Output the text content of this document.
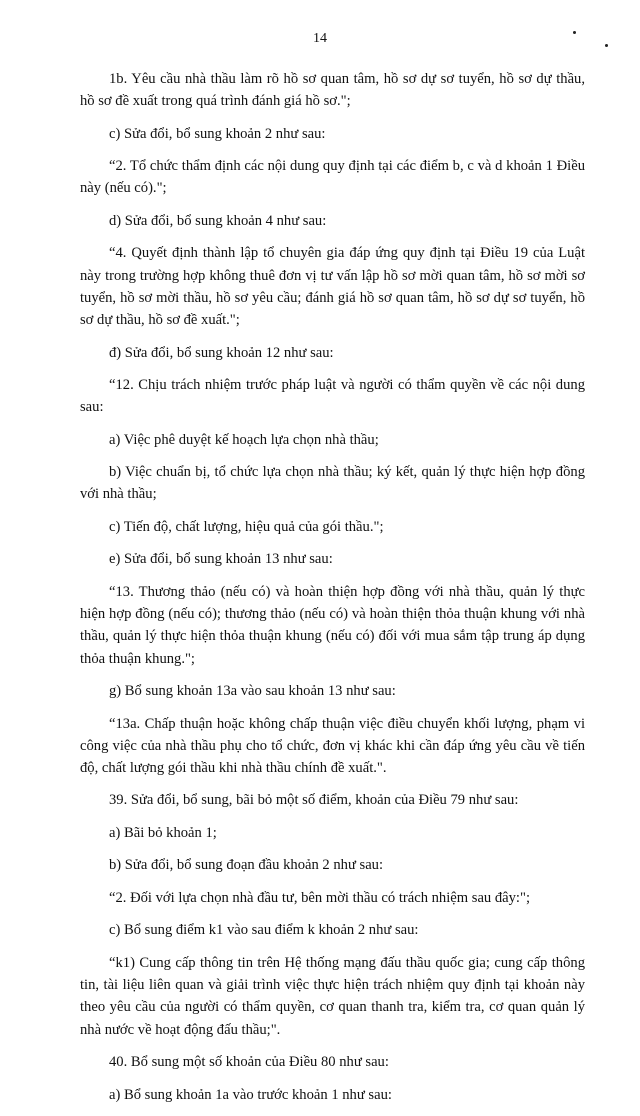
14

1b. Yêu cầu nhà thầu làm rõ hồ sơ quan tâm, hồ sơ dự sơ tuyển, hồ sơ dự thầu, hồ sơ đề xuất trong quá trình đánh giá hồ sơ.";

c) Sửa đổi, bổ sung khoản 2 như sau:

“2. Tổ chức thẩm định các nội dung quy định tại các điểm b, c và d khoản 1 Điều này (nếu có).";

d) Sửa đổi, bổ sung khoản 4 như sau:

“4. Quyết định thành lập tổ chuyên gia đáp ứng quy định tại Điều 19 của Luật này trong trường hợp không thuê đơn vị tư vấn lập hồ sơ mời quan tâm, hồ sơ mời sơ tuyển, hồ sơ mời thầu, hồ sơ yêu cầu; đánh giá hồ sơ quan tâm, hồ sơ dự sơ tuyển, hồ sơ dự thầu, hồ sơ đề xuất.";

đ) Sửa đổi, bổ sung khoản 12 như sau:

“12. Chịu trách nhiệm trước pháp luật và người có thẩm quyền về các nội dung sau:

a) Việc phê duyệt kế hoạch lựa chọn nhà thầu;

b) Việc chuẩn bị, tổ chức lựa chọn nhà thầu; ký kết, quản lý thực hiện hợp đồng với nhà thầu;

c) Tiến độ, chất lượng, hiệu quả của gói thầu.";

e) Sửa đổi, bổ sung khoản 13 như sau:

“13. Thương thảo (nếu có) và hoàn thiện hợp đồng với nhà thầu, quản lý thực hiện hợp đồng (nếu có); thương thảo (nếu có) và hoàn thiện thỏa thuận khung với nhà thầu, quản lý thực hiện thỏa thuận khung (nếu có) đối với mua sắm tập trung áp dụng thỏa thuận khung.";

g) Bổ sung khoản 13a vào sau khoản 13 như sau:

“13a. Chấp thuận hoặc không chấp thuận việc điều chuyển khối lượng, phạm vi công việc của nhà thầu phụ cho tổ chức, đơn vị khác khi cần đáp ứng yêu cầu về tiến độ, chất lượng gói thầu khi nhà thầu chính đề xuất.".

39. Sửa đổi, bổ sung, bãi bỏ một số điểm, khoản của Điều 79 như sau:

a) Bãi bỏ khoản 1;

b) Sửa đổi, bổ sung đoạn đầu khoản 2 như sau:

“2. Đối với lựa chọn nhà đầu tư, bên mời thầu có trách nhiệm sau đây:";

c) Bổ sung điểm k1 vào sau điểm k khoản 2 như sau:

“k1) Cung cấp thông tin trên Hệ thống mạng đấu thầu quốc gia; cung cấp thông tin, tài liệu liên quan và giải trình việc thực hiện trách nhiệm quy định tại khoản này theo yêu cầu của người có thẩm quyền, cơ quan thanh tra, kiểm tra, cơ quan quản lý nhà nước về hoạt động đấu thầu;".

40. Bổ sung một số khoản của Điều 80 như sau:

a) Bổ sung khoản 1a vào trước khoản 1 như sau:
